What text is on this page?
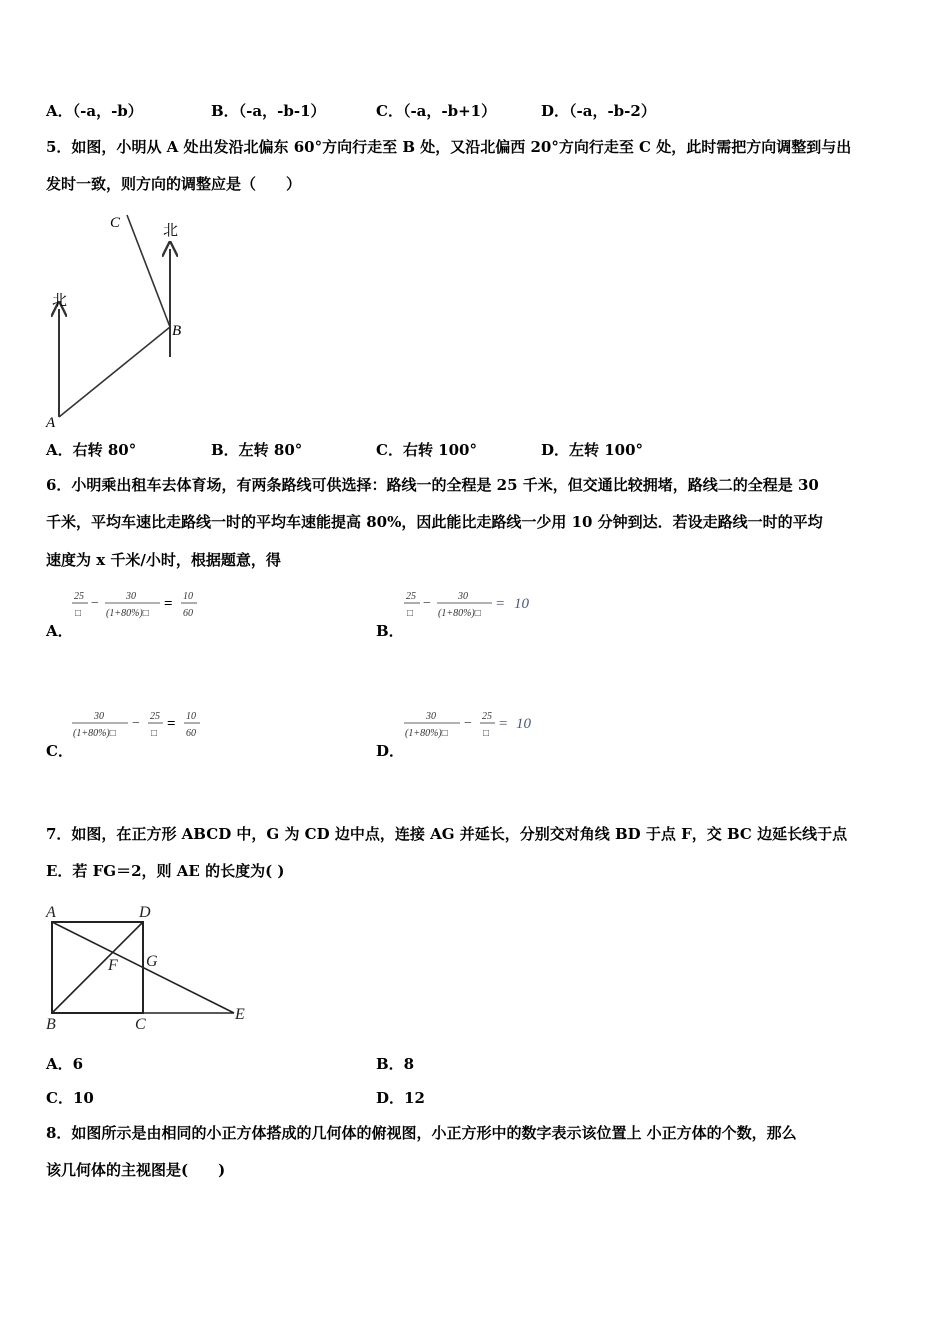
A．（-a，-b）	B．（-a，-b-1）	C．（-a，-b+1）	D．（-a，-b-2）
5．如图，小明从 A 处出发沿北偏东 60°方向行走至 B 处，又沿北偏西 20°方向行走至 C 处，此时需把方向调整到与出
发时一致，则方向的调整应是（　　）
北
北
A
B
C
A．右转 80°	B．左转 80°	C．右转 100°	D．左转 100°
6．小明乘出租车去体育场，有两条路线可供选择：路线一的全程是 25 千米，但交通比较拥堵，路线二的全程是 30
千米，平均车速比走路线一时的平均车速能提高 80%，因此能比走路线一少用 10 分钟到达．若设走路线一时的平均
速度为 x 千米/小时，根据题意，得
25
□
−	30
(1+80%)□
= 10
60
A．
25
□
−	30
(1+80%)□
= 10
B．
30
(1+80%)□
− 25
□
= 10
60
C．
30
(1+80%)□
− 25
□
= 10
D．
7．如图，在正方形 ABCD 中，G 为 CD 边中点，连接 AG 并延长，分别交对角线 BD 于点 F，交 BC 边延长线于点
E．若 FG＝2，则 AE 的长度为( )
A	D
F G
B	C
E
A．6	B．8
C．10	D．12
8．如图所示是由相同的小正方体搭成的几何体的俯视图，小正方形中的数字表示该位置上 小正方体的个数，那么
该几何体的主视图是(　　)
